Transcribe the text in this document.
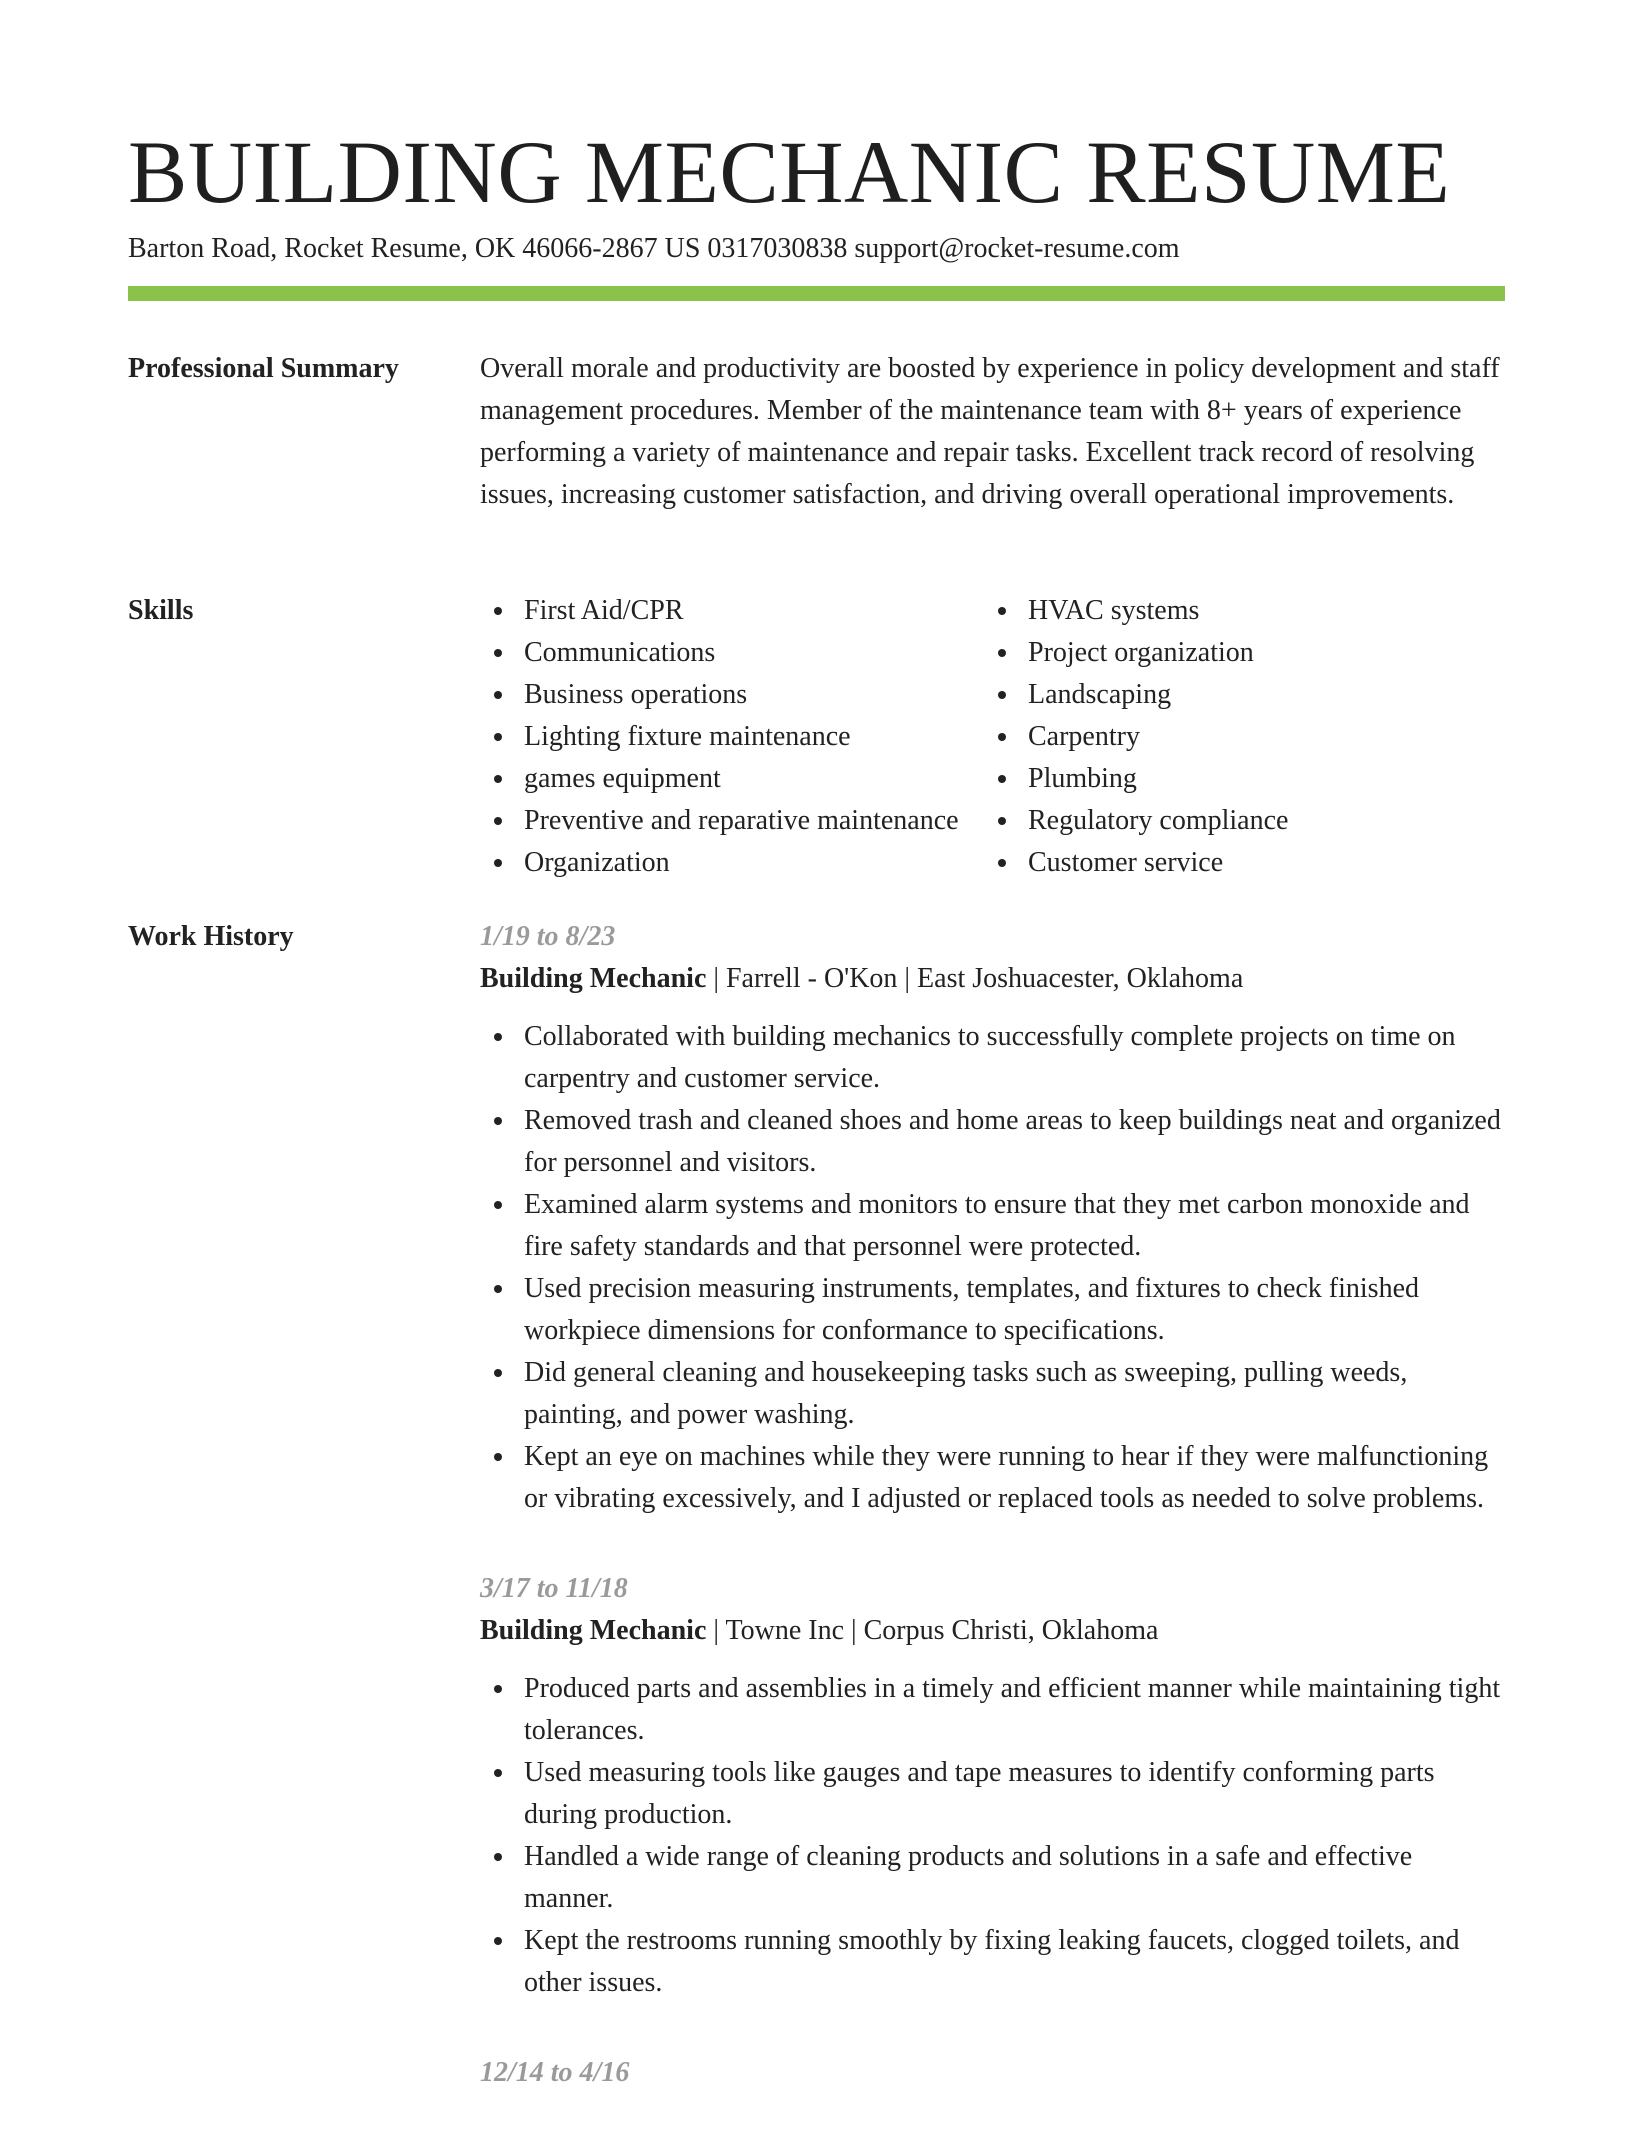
BUILDING MECHANIC RESUME
Barton Road, Rocket Resume, OK 46066-2867 US 0317030838 support@rocket-resume.com
Professional Summary	Overall morale and productivity are boosted by experience in policy development and staff management procedures. Member of the maintenance team with 8+ years of experience performing a variety of maintenance and repair tasks. Excellent track record of resolving issues, increasing customer satisfaction, and driving overall operational improvements.

Skills	First Aid/CPR
Communications
Business operations
Lighting fixture maintenance
games equipment
Preventive and reparative maintenance
Organization
HVAC systems
Project organization
Landscaping
Carpentry
Plumbing
Regulatory compliance
Customer service
Work History	1/19 to 8/23
Building Mechanic | Farrell - O'Kon | East Joshuacester, Oklahoma
Collaborated with building mechanics to successfully complete projects on time on carpentry and customer service.
Removed trash and cleaned shoes and home areas to keep buildings neat and organized for personnel and visitors.
Examined alarm systems and monitors to ensure that they met carbon monoxide and fire safety standards and that personnel were protected.
Used precision measuring instruments, templates, and fixtures to check finished workpiece dimensions for conformance to specifications.
Did general cleaning and housekeeping tasks such as sweeping, pulling weeds, painting, and power washing.
Kept an eye on machines while they were running to hear if they were malfunctioning or vibrating excessively, and I adjusted or replaced tools as needed to solve problems.
3/17 to 11/18
Building Mechanic | Towne Inc | Corpus Christi, Oklahoma
Produced parts and assemblies in a timely and efficient manner while maintaining tight tolerances.
Used measuring tools like gauges and tape measures to identify conforming parts during production.
Handled a wide range of cleaning products and solutions in a safe and effective manner.
Kept the restrooms running smoothly by fixing leaking faucets, clogged toilets, and other issues.
12/14 to 4/16
